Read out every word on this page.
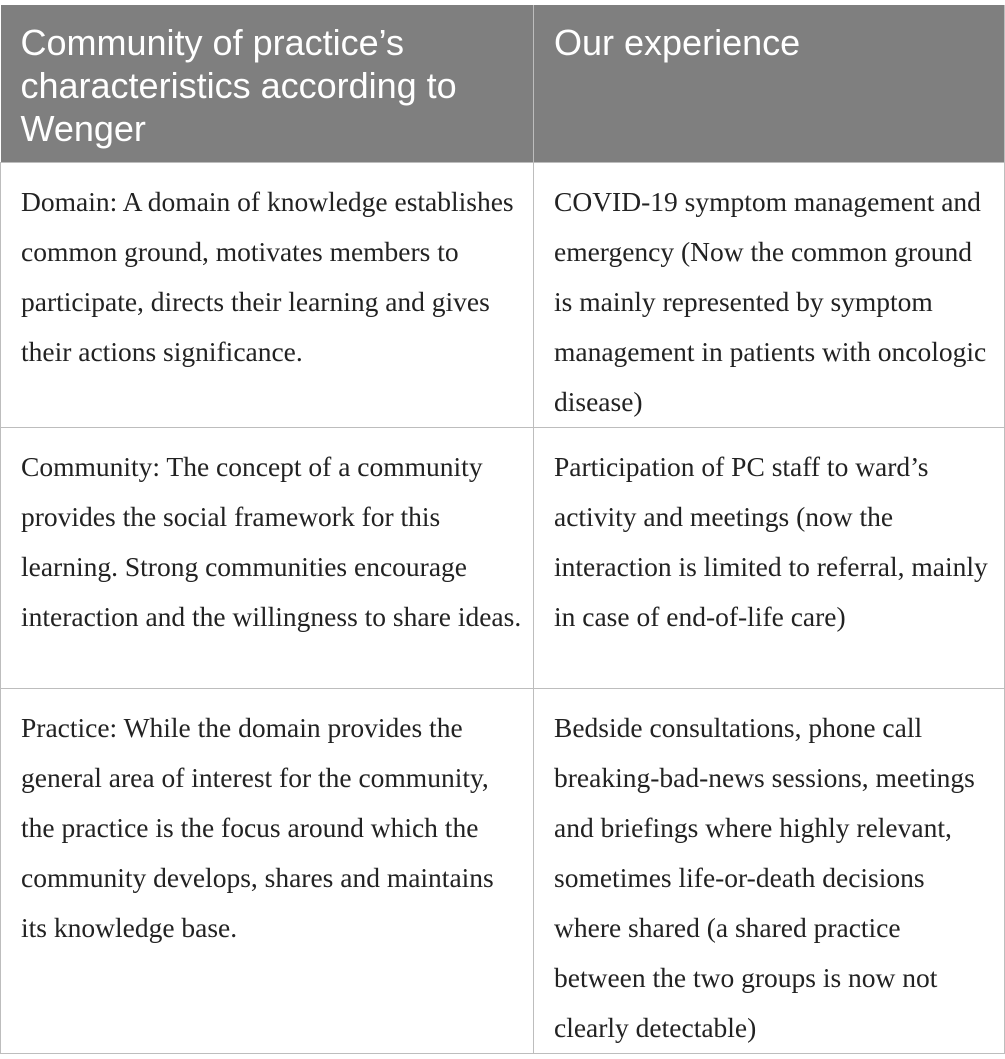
Community of practice’s characteristics according to Wenger	Our experience
Domain: A domain of knowledge establishes common ground, motivates members to participate, directs their learning and gives their actions significance.	COVID-19 symptom management and emergency (Now the common ground is mainly represented by symptom management in patients with oncologic disease)
Community: The concept of a community provides the social framework for this learning. Strong communities encourage interaction and the willingness to share ideas.	Participation of PC staff to ward’s activity and meetings (now the interaction is limited to referral, mainly in case of end-of-life care)
Practice: While the domain provides the general area of interest for the community, the practice is the focus around which the community develops, shares and maintains its knowledge base.	Bedside consultations, phone call breaking-bad-news sessions, meetings and briefings where highly relevant, sometimes life-or-death decisions where shared (a shared practice between the two groups is now not clearly detectable)
